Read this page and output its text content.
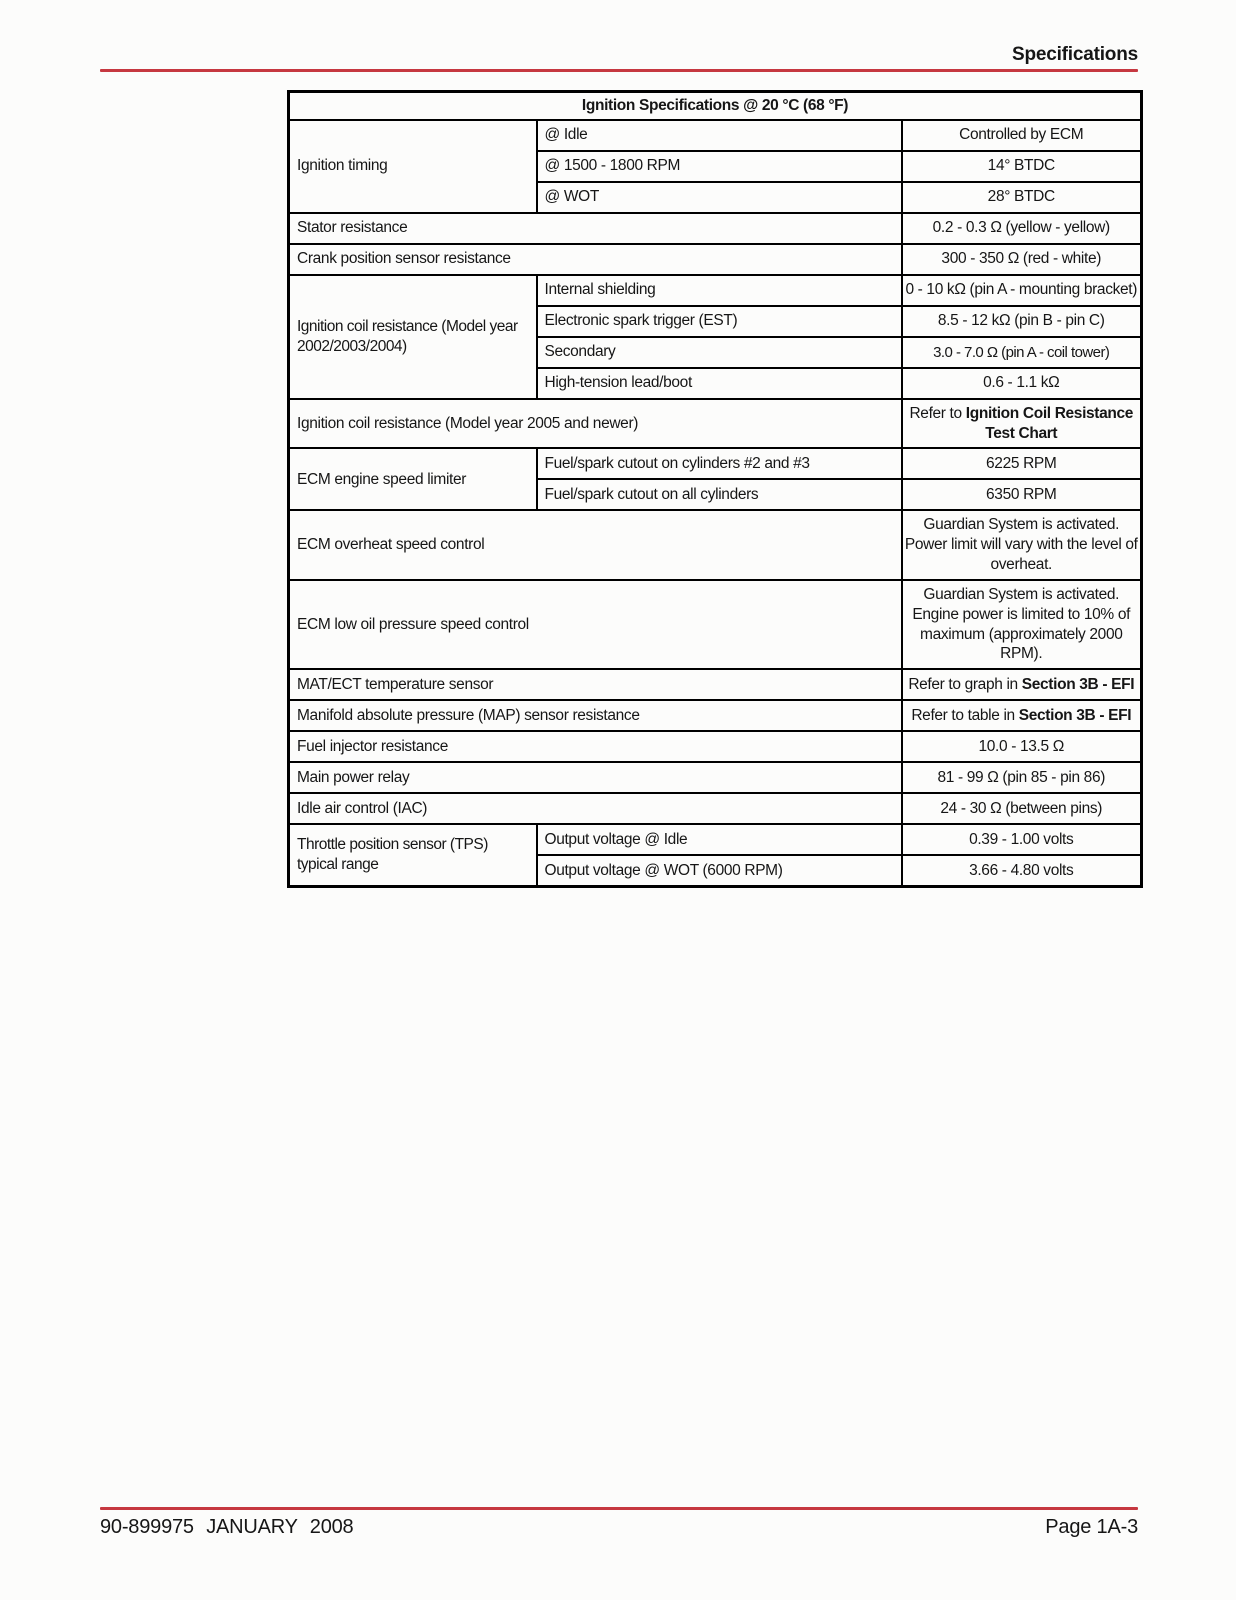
Specifications
Ignition Specifications @ 20 °C (68 °F)		
Ignition timing	@ Idle	Controlled by ECM
	@ 1500 - 1800 RPM	14° BTDC
	@ WOT	28° BTDC
Stator resistance		0.2 - 0.3 Ω (yellow - yellow)
Crank position sensor resistance		300 - 350 Ω (red - white)
Ignition coil resistance (Model year 2002/2003/2004)	Internal shielding	0 - 10 kΩ (pin A - mounting bracket)
	Electronic spark trigger (EST)	8.5 - 12 kΩ (pin B - pin C)
	Secondary	3.0 - 7.0 Ω (pin A - coil tower)
	High-tension lead/boot	0.6 - 1.1 kΩ
Ignition coil resistance (Model year 2005 and newer)		Refer to Ignition Coil Resistance Test Chart
ECM engine speed limiter	Fuel/spark cutout on cylinders #2 and #3	6225 RPM
	Fuel/spark cutout on all cylinders	6350 RPM
ECM overheat speed control		Guardian System is activated. Power limit will vary with the level of overheat.
ECM low oil pressure speed control		Guardian System is activated. Engine power is limited to 10% of maximum (approximately 2000 RPM).
MAT/ECT temperature sensor		Refer to graph in Section 3B - EFI
Manifold absolute pressure (MAP) sensor resistance		Refer to table in Section 3B - EFI
Fuel injector resistance		10.0 - 13.5 Ω
Main power relay		81 - 99 Ω (pin 85 - pin 86)
Idle air control (IAC)		24 - 30 Ω (between pins)
Throttle position sensor (TPS) typical range	Output voltage @ Idle	0.39 - 1.00 volts
	Output voltage @ WOT (6000 RPM)	3.66 - 4.80 volts
90-899975 JANUARY 2008	Page 1A-3
